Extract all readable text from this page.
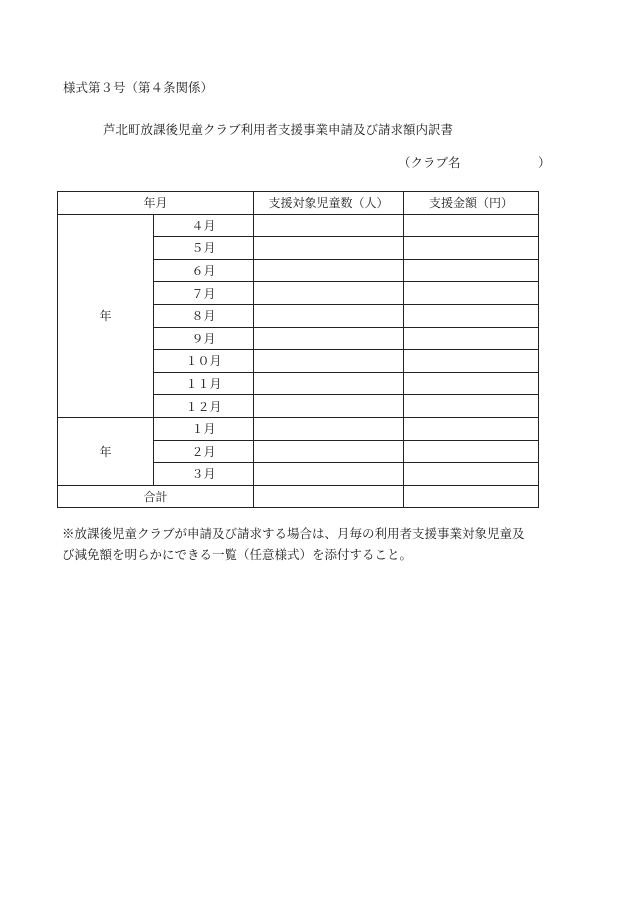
様式第３号（第４条関係）
芦北町放課後児童クラブ利用者支援事業申請及び請求額内訳書
（クラブ名	）
年月		支援対象児童数（人）	支援金額（円）
年	４月		
	５月		
	６月		
	７月		
	８月		
	９月		
	１０月		
	１１月		
	１２月		
年	１月		
	２月		
	３月		
合計			
※放課後児童クラブが申請及び請求する場合は、月毎の利用者支援事業対象児童及
び減免額を明らかにできる一覧（任意様式）を添付すること。
